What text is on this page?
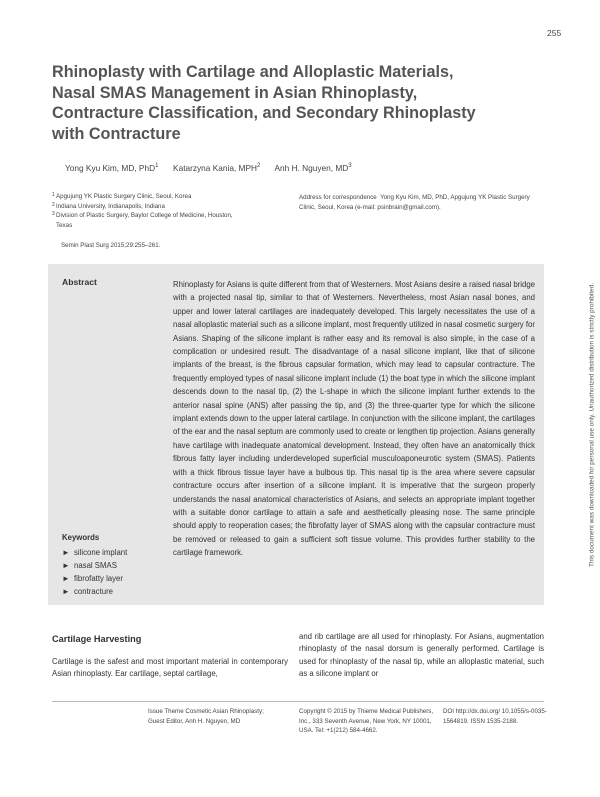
255
Rhinoplasty with Cartilage and Alloplastic Materials, Nasal SMAS Management in Asian Rhinoplasty, Contracture Classification, and Secondary Rhinoplasty with Contracture
Yong Kyu Kim, MD, PhD$^1$ Katarzyna Kania, MPH$^2$ Anh H. Nguyen, $MD^3$
1 Apgujung YK Plastic Surgery Clinic, Seoul, Korea
2 Indiana University, Indianapolis, Indiana
3 Division of Plastic Surgery, Baylor College of Medicine, Houston,
Texas
Address for correspondence Yong Kyu Kim, MD, PhD, Apgujung YK Plastic Surgery Clinic, Seoul, Korea (e-mail: psinbrain@gmail.com).
Semin Plast Surg 2015;29:255–261.
Abstract	Rhinoplasty for Asians is quite different from that of Westerners. Most Asians desire a raised nasal bridge with a projected nasal tip, similar to that of Westerners. Nevertheless, most Asian nasal bones, and upper and lower lateral cartilages are inadequately developed. This largely necessitates the use of a nasal alloplastic material such as a silicone implant, most frequently utilized in nasal cosmetic surgery for Asians. Shaping of the silicone implant is rather easy and its removal is also simple, in the case of a complication or undesired result. The disadvantage of a nasal silicone implant, like that of silicone implants of the breast, is the fibrous capsular formation, which may lead to capsular contracture. The frequently employed types of nasal silicone implant include (1) the boat type in which the silicone implant descends down to the nasal tip, (2) the L-shape in which the silicone implant further extends to the anterior nasal spine (ANS) after passing the tip, and (3) the three-quarter type for which the silicone implant extends down to the upper lateral cartilage. In conjunction with the silicone implant, the cartilages of the ear and the nasal septum are commonly used to create or lengthen tip projection. Asians generally have cartilage with inadequate anatomical development. Instead, they often have an anatomically thick fibrous fatty layer including underdeveloped superficial musculoaponeurotic system (SMAS). Patients with a thick fibrous tissue layer have a bulbous tip. This nasal tip is the area where severe capsular contracture occurs after insertion of a silicone implant. It is imperative that the surgeon properly understands the nasal anatomical characteristics of Asians, and selects an appropriate implant together with a suitable donor cartilage to attain a safe and aesthetically pleasing nose. The same principle should apply to reoperation cases; the fibrofatty layer of SMAS along with the capsular contracture must be removed or released to gain a sufficient soft tissue volume. This provides further stability to the cartilage framework.

Keywords
► silicone implant
► nasal SMAS
► fibrofatty layer
► contracture
Cartilage Harvesting

Cartilage is the safest and most important material in contemporary Asian rhinoplasty. Ear cartilage, septal cartilage,

and rib cartilage are all used for rhinoplasty. For Asians, augmentation rhinoplasty of the nasal dorsum is generally performed. Cartilage is used for rhinoplasty of the nasal tip, while an alloplastic material, such as a silicone implant or

Issue Theme Cosmetic Asian Rhinoplasty; Guest Editor, Anh H. Nguyen, MD
Copyright © 2015 by Thieme Medical Publishers, Inc., 333 Seventh Avenue, New York, NY 10001, USA. Tel: +1(212) 584-4662.
DOI http://dx.doi.org/ 10.1055/s-0035-1564819. ISSN 1535-2188.
This document was downloaded for personal use only. Unauthorized distribution is strictly prohibited.
